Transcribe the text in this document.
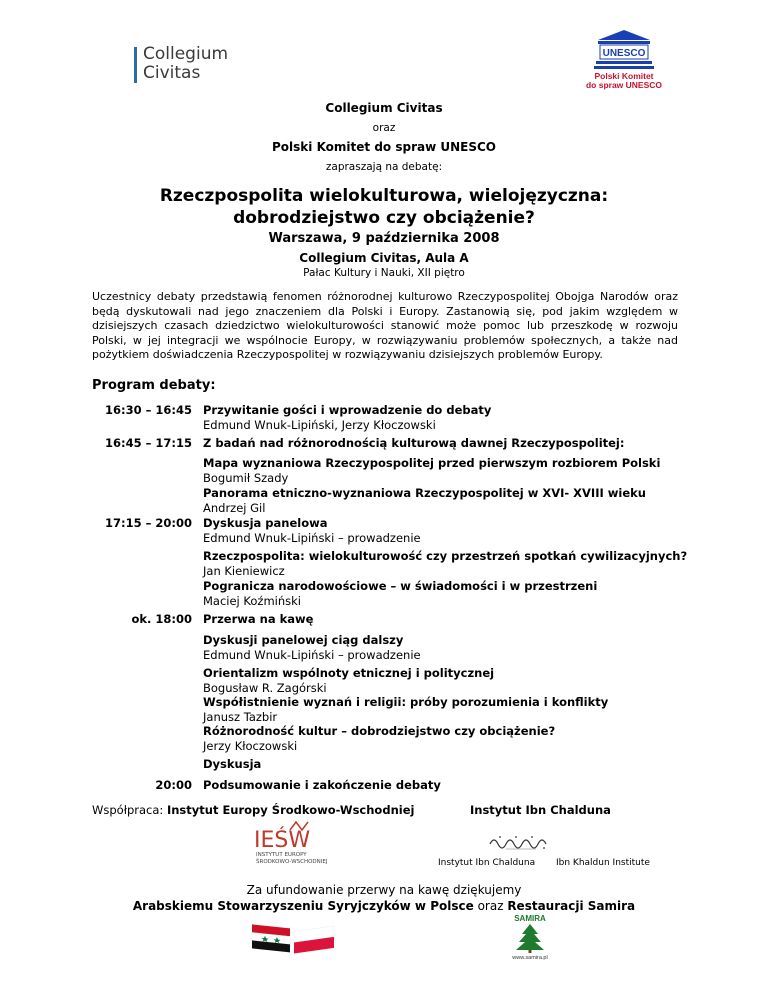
Collegium
Civitas
UNESCO
Polski Komitet
do spraw UNESCO
Collegium Civitas
oraz
Polski Komitet do spraw UNESCO
zapraszają na debatę:
Rzeczpospolita wielokulturowa, wielojęzyczna:
dobrodziejstwo czy obciążenie?
Warszawa, 9 października 2008
Collegium Civitas, Aula A
Pałac Kultury i Nauki, XII piętro
Uczestnicy debaty przedstawią fenomen różnorodnej kulturowo Rzeczypospolitej Obojga Narodów oraz będą dyskutowali nad jego znaczeniem dla Polski i Europy. Zastanowią się, pod jakim względem w dzisiejszych czasach dziedzictwo wielokulturowości stanowić może pomoc lub przeszkodę w rozwoju Polski, w jej integracji we wspólnocie Europy, w rozwiązywaniu problemów społecznych, a także nad pożytkiem doświadczenia Rzeczypospolitej w rozwiązywaniu dzisiejszych problemów Europy.
Program debaty:
16:30 – 16:45 Przywitanie gości i wprowadzenie do debaty
Edmund Wnuk-Lipiński, Jerzy Kłoczowski
16:45 – 17:15 Z badań nad różnorodnością kulturową dawnej Rzeczypospolitej:
Mapa wyznaniowa Rzeczypospolitej przed pierwszym rozbiorem Polski
Bogumił Szady
Panorama etniczno-wyznaniowa Rzeczypospolitej w XVI- XVIII wieku
Andrzej Gil
17:15 – 20:00 Dyskusja panelowa
Edmund Wnuk-Lipiński – prowadzenie
Rzeczpospolita: wielokulturowość czy przestrzeń spotkań cywilizacyjnych?
Jan Kieniewicz
Pogranicza narodowościowe – w świadomości i w przestrzeni
Maciej Koźmiński
ok. 18:00 Przerwa na kawę
Dyskusji panelowej ciąg dalszy
Edmund Wnuk-Lipiński – prowadzenie
Orientalizm wspólnoty etnicznej i politycznej
Bogusław R. Zagórski
Współistnienie wyznań i religii: próby porozumienia i konflikty
Janusz Tazbir
Różnorodność kultur – dobrodziejstwo czy obciążenie?
Jerzy Kłoczowski
Dyskusja
20:00 Podsumowanie i zakończenie debaty
Współpraca: Instytut Europy Środkowo-Wschodniej	Instytut Ibn Chalduna
IEŚW
INSTYTUT EUROPY
ŚRODKOWO-WSCHODNIEJ	Instytut Ibn Chalduna Ibn Khaldun Institute
Za ufundowanie przerwy na kawę dziękujemy
Arabskiemu Stowarzyszeniu Syryjczyków w Polsce oraz Restauracji Samira
SAMIRA
www.samira.pl
